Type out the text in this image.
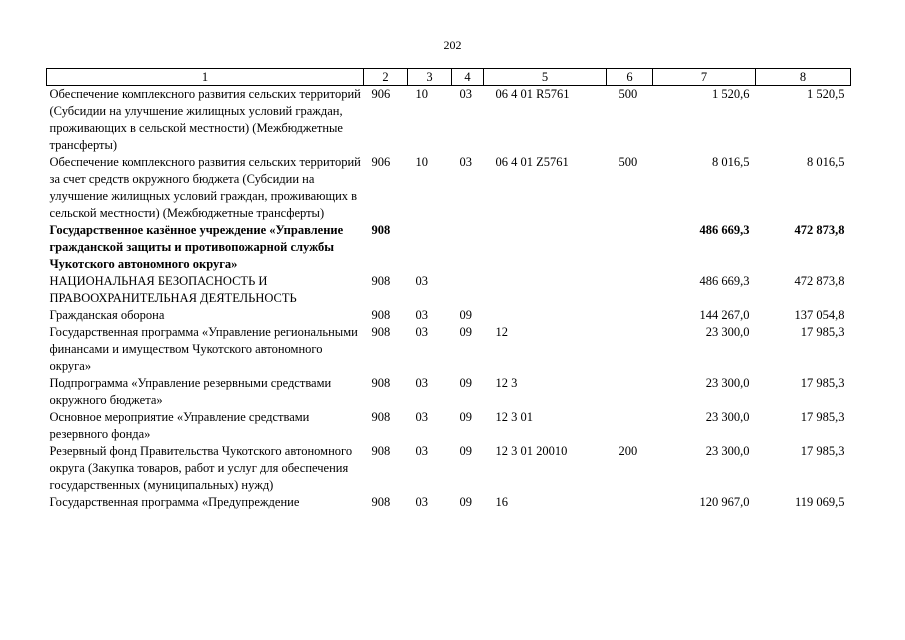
202
1	2	3	4	5	6	7	8
Обеспечение комплексного развития сельских территорий (Субсидии на улучшение жилищных условий граждан, проживающих в сельской местности) (Межбюджетные трансферты)	906	10	03	06 4 01 R5761	500	1 520,6	1 520,5
Обеспечение комплексного развития сельских территорий за счет средств окружного бюджета (Субсидии на улучшение жилищных условий граждан, проживающих в сельской местности) (Межбюджетные трансферты)	906	10	03	06 4 01 Z5761	500	8 016,5	8 016,5
Государственное казённое учреждение «Управление гражданской защиты и противопожарной службы Чукотского автономного округа»	908					486 669,3	472 873,8
НАЦИОНАЛЬНАЯ БЕЗОПАСНОСТЬ И ПРАВООХРАНИТЕЛЬНАЯ ДЕЯТЕЛЬНОСТЬ	908	03				486 669,3	472 873,8
Гражданская оборона	908	03	09			144 267,0	137 054,8
Государственная программа «Управление региональными финансами и имуществом Чукотского автономного округа»	908	03	09	12		23 300,0	17 985,3
Подпрограмма «Управление резервными средствами окружного бюджета»	908	03	09	12 3		23 300,0	17 985,3
Основное мероприятие «Управление средствами резервного фонда»	908	03	09	12 3 01		23 300,0	17 985,3
Резервный фонд Правительства Чукотского автономного округа (Закупка товаров, работ и услуг для обеспечения государственных (муниципальных) нужд)	908	03	09	12 3 01 20010	200	23 300,0	17 985,3
Государственная программа «Предупреждение	908	03	09	16		120 967,0	119 069,5
